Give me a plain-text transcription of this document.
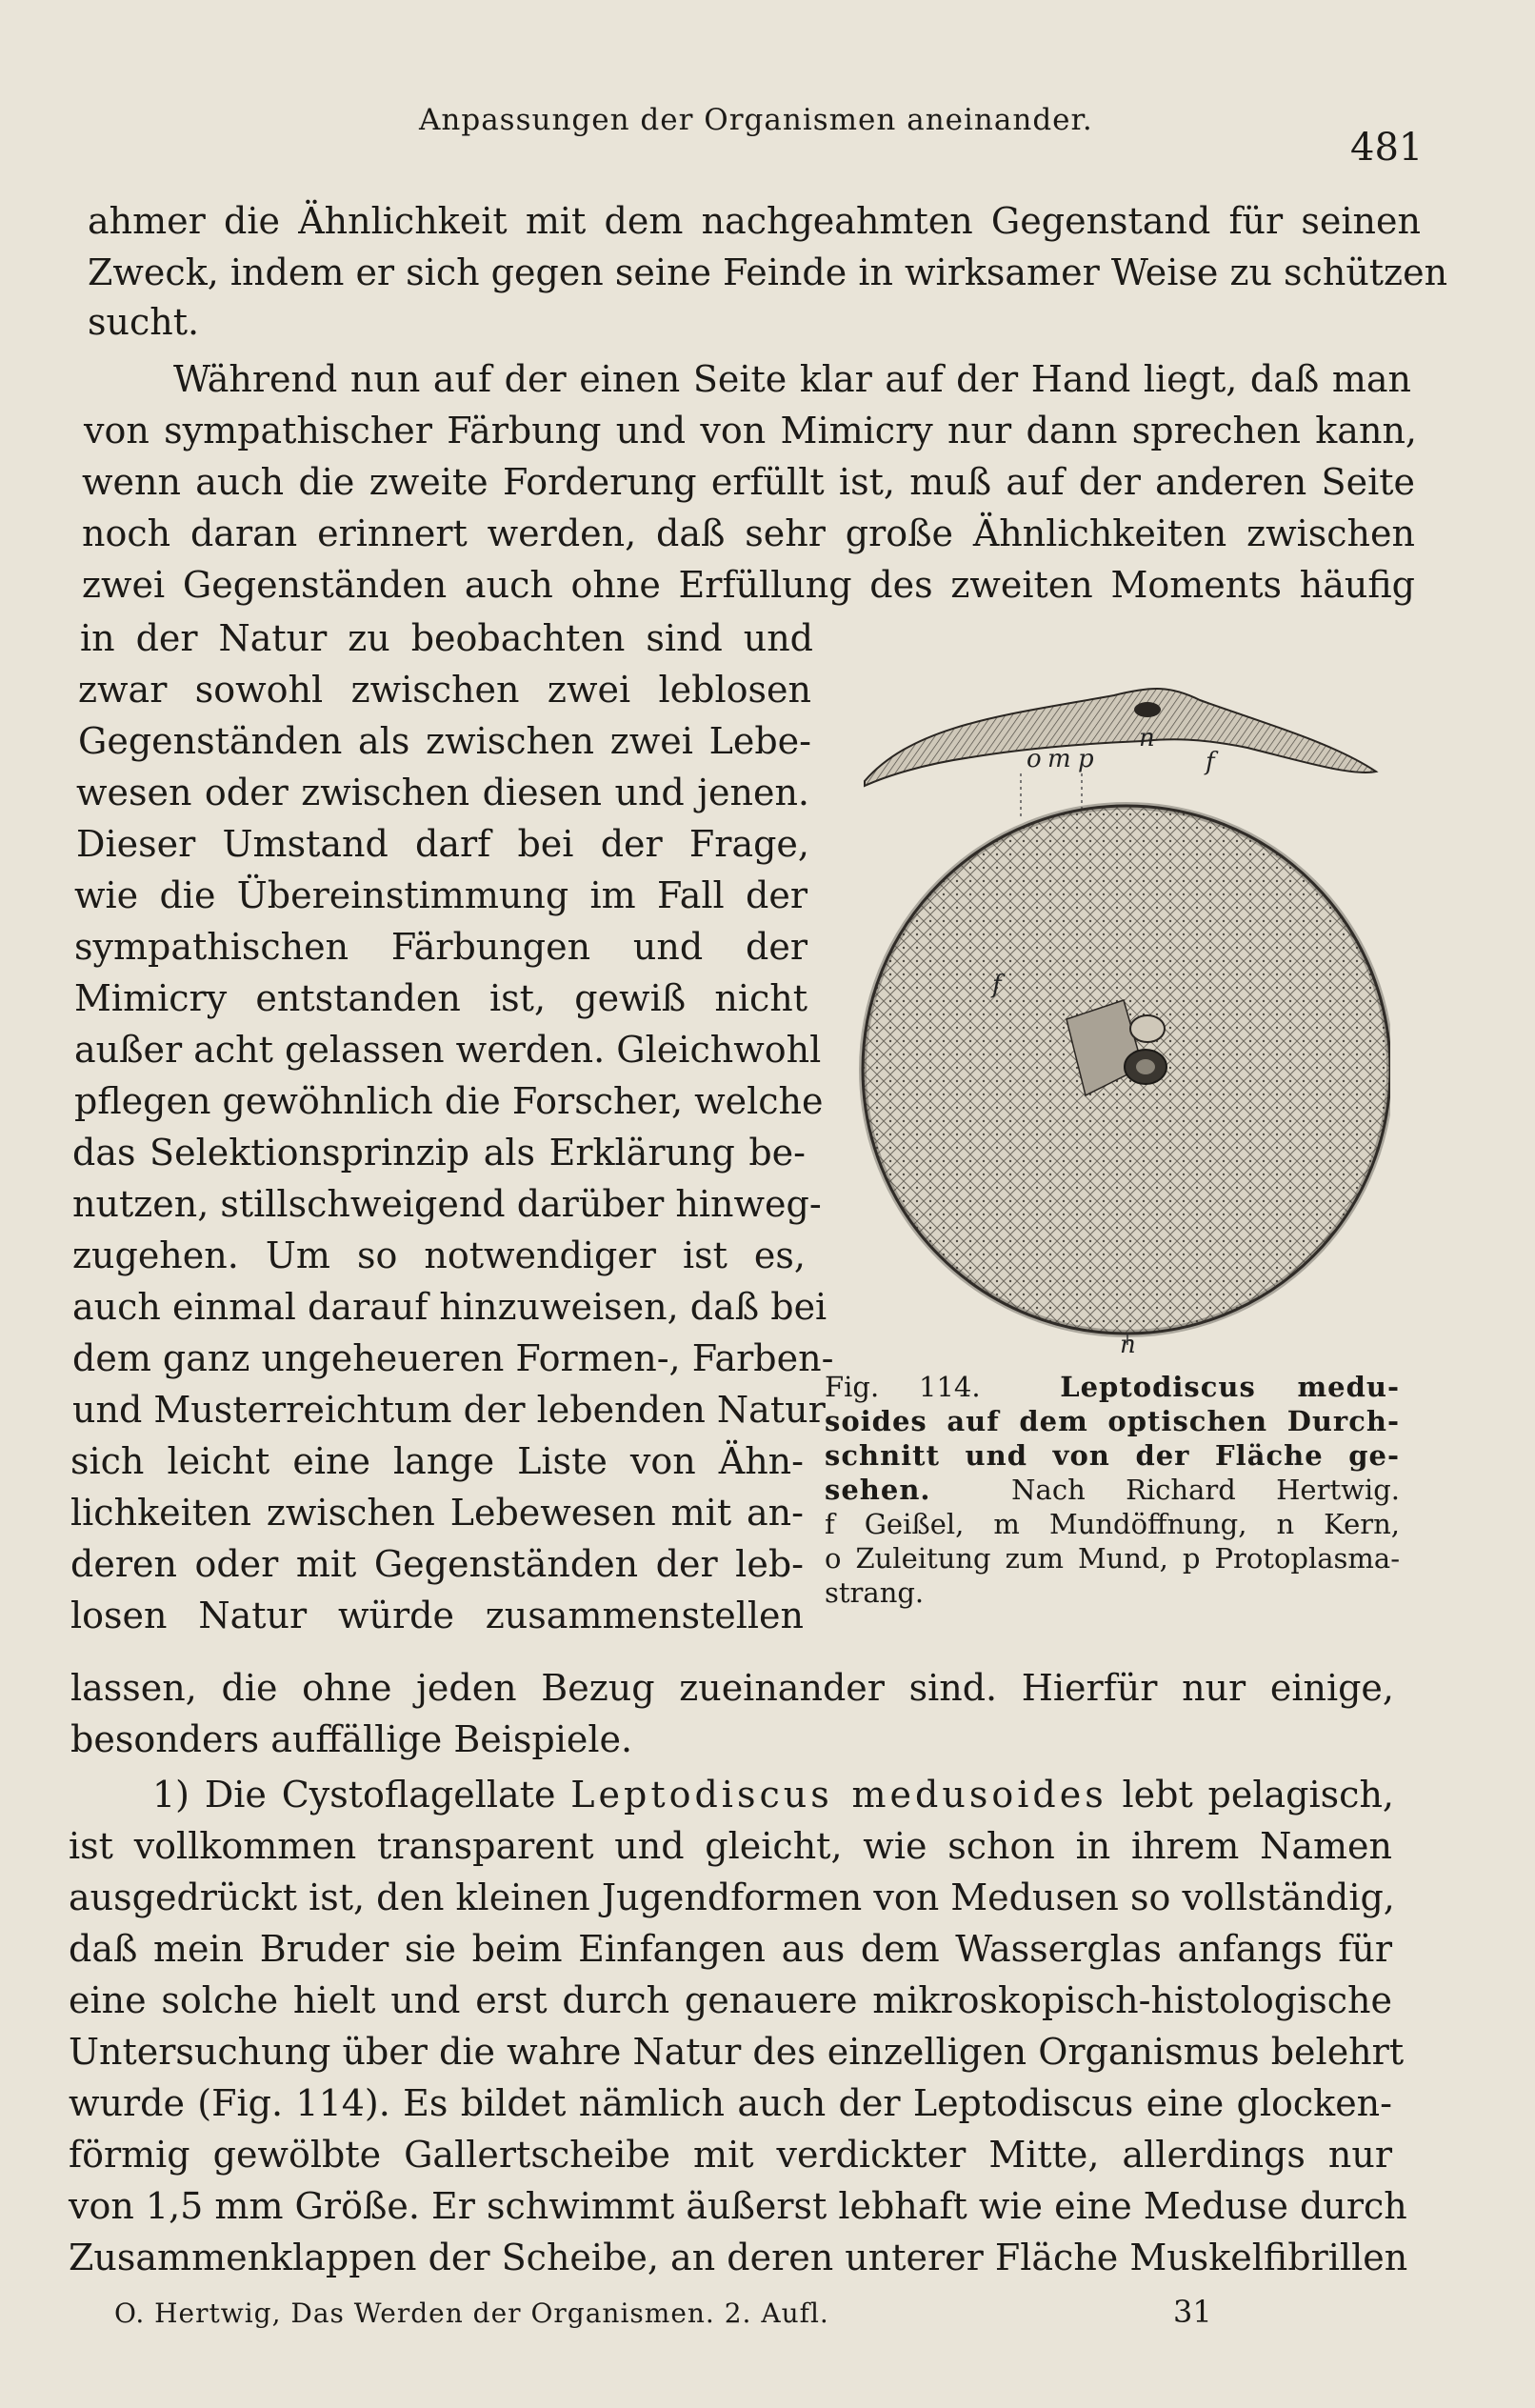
Anpassungen der Organismen aneinander.
481
ahmer die Ähnlichkeit mit dem nachgeahmten Gegenstand für seinen
Zweck, indem er sich gegen seine Feinde in wirksamer Weise zu schützen
sucht.
Während nun auf der einen Seite klar auf der Hand liegt, daß man
von sympathischer Färbung und von Mimicry nur dann sprechen kann,
wenn auch die zweite Forderung erfüllt ist, muß auf der anderen Seite
noch daran erinnert werden, daß sehr große Ähnlichkeiten zwischen
zwei Gegenständen auch ohne Erfüllung des zweiten Moments häufig
in der Natur zu beobachten sind und
zwar sowohl zwischen zwei leblosen
Gegenständen als zwischen zwei Lebe-
wesen oder zwischen diesen und jenen.
Dieser Umstand darf bei der Frage,
wie die Übereinstimmung im Fall der
sympathischen Färbungen und der
Mimicry entstanden ist, gewiß nicht
außer acht gelassen werden. Gleichwohl
pflegen gewöhnlich die Forscher, welche
das Selektionsprinzip als Erklärung be-
nutzen, stillschweigend darüber hinweg-
zugehen. Um so notwendiger ist es,
auch einmal darauf hinzuweisen, daß bei
dem ganz ungeheueren Formen-, Farben-
und Musterreichtum der lebenden Natur
sich leicht eine lange Liste von Ähn-
lichkeiten zwischen Lebewesen mit an-
deren oder mit Gegenständen der leb-
losen Natur würde zusammenstellen
lassen, die ohne jeden Bezug zueinander sind. Hierfür nur einige,
besonders auffällige Beispiele.
1) Die Cystoflagellate Leptodiscus medusoides lebt pelagisch,
ist vollkommen transparent und gleicht, wie schon in ihrem Namen
ausgedrückt ist, den kleinen Jugendformen von Medusen so vollständig,
daß mein Bruder sie beim Einfangen aus dem Wasserglas anfangs für
eine solche hielt und erst durch genauere mikroskopisch-histologische
Untersuchung über die wahre Natur des einzelligen Organismus belehrt
wurde (Fig. 114). Es bildet nämlich auch der Leptodiscus eine glocken-
förmig gewölbte Gallertscheibe mit verdickter Mitte, allerdings nur
von 1,5 mm Größe. Er schwimmt äußerst lebhaft wie eine Meduse durch
Zusammenklappen der Scheibe, an deren unterer Fläche Muskelfibrillen
o m p
n
f
f
n
Fig. 114.	Leptodiscus medu-
soides auf dem optischen Durch-
schnitt und von der Fläche ge-
sehen.	Nach Richard Hertwig.
f Geißel, m Mundöffnung, n Kern,
o Zuleitung zum Mund, p Protoplasma-
strang.
O. Hertwig, Das Werden der Organismen. 2. Aufl.	31
